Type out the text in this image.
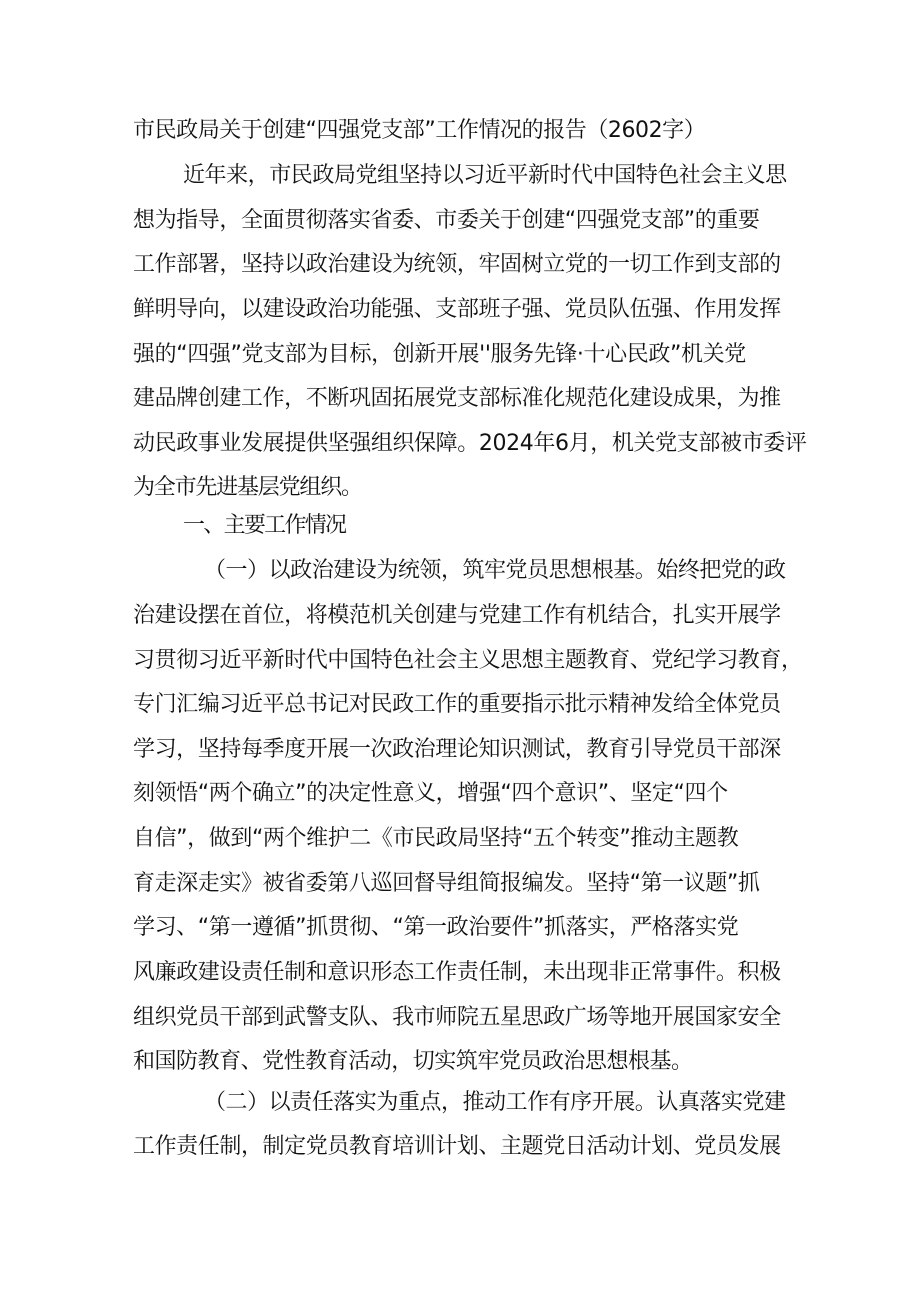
市民政局关于创建“四强党支部”工作情况的报告（2602字）
近年来，市民政局党组坚持以习近平新时代中国特色社会主义思
想为指导，全面贯彻落实省委、市委关于创建“四强党支部”的重要
工作部署，坚持以政治建设为统领，牢固树立党的一切工作到支部的
鲜明导向，以建设政治功能强、支部班子强、党员队伍强、作用发挥
强的“四强”党支部为目标，创新开展''服务先锋·十心民政”机关党
建品牌创建工作，不断巩固拓展党支部标准化规范化建设成果，为推
动民政事业发展提供坚强组织保障。2024年6月，机关党支部被市委评
为全市先进基层党组织。
一、主要工作情况
（一）以政治建设为统领，筑牢党员思想根基。始终把党的政
治建设摆在首位，将模范机关创建与党建工作有机结合，扎实开展学
习贯彻习近平新时代中国特色社会主义思想主题教育、党纪学习教育，
专门汇编习近平总书记对民政工作的重要指示批示精神发给全体党员
学习，坚持每季度开展一次政治理论知识测试，教育引导党员干部深
刻领悟“两个确立”的决定性意义，增强“四个意识”、坚定“四个
自信”，做到“两个维护二《市民政局坚持“五个转变”推动主题教
育走深走实》被省委第八巡回督导组简报编发。坚持“第一议题”抓
学习、“第一遵循”抓贯彻、“第一政治要件”抓落实，严格落实党
风廉政建设责任制和意识形态工作责任制，未出现非正常事件。积极
组织党员干部到武警支队、我市师院五星思政广场等地开展国家安全
和国防教育、党性教育活动，切实筑牢党员政治思想根基。
（二）以责任落实为重点，推动工作有序开展。认真落实党建
工作责任制，制定党员教育培训计划、主题党日活动计划、党员发展
